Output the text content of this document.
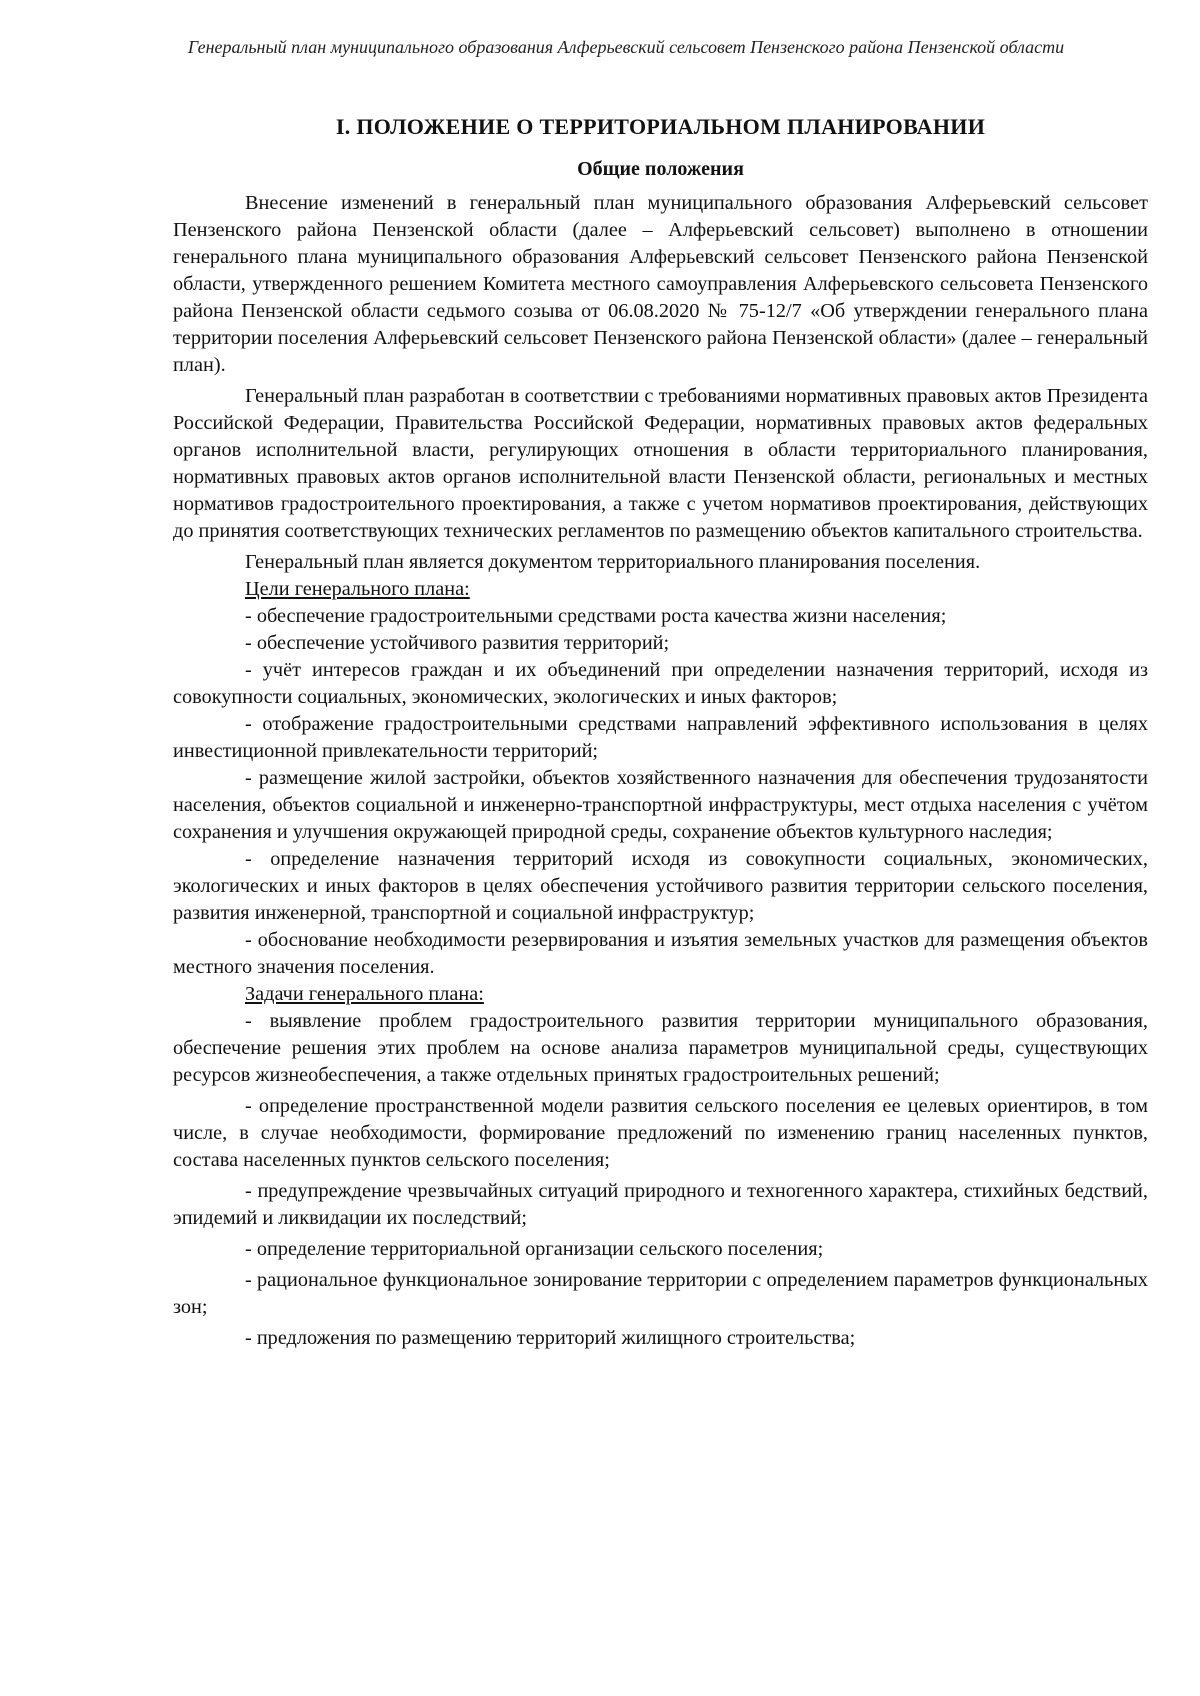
Генеральный план муниципального образования Алферьевский сельсовет Пензенского района Пензенской области
I. ПОЛОЖЕНИЕ О ТЕРРИТОРИАЛЬНОМ ПЛАНИРОВАНИИ
Общие положения

Внесение изменений в генеральный план муниципального образования Алферьевский сельсовет Пензенского района Пензенской области (далее – Алферьевский сельсовет) выполнено в отношении генерального плана муниципального образования Алферьевский сельсовет Пензенского района Пензенской области, утвержденного решением Комитета местного самоуправления Алферьевского сельсовета Пензенского района Пензенской области седьмого созыва от 06.08.2020 № 75-12/7 «Об утверждении генерального плана территории поселения Алферьевский сельсовет Пензенского района Пензенской области» (далее – генеральный план).

Генеральный план разработан в соответствии с требованиями нормативных правовых актов Президента Российской Федерации, Правительства Российской Федерации, нормативных правовых актов федеральных органов исполнительной власти, регулирующих отношения в области территориального планирования, нормативных правовых актов органов исполнительной власти Пензенской области, региональных и местных нормативов градостроительного проектирования, а также с учетом нормативов проектирования, действующих до принятия соответствующих технических регламентов по размещению объектов капитального строительства.

Генеральный план является документом территориального планирования поселения.

Цели генерального плана:

- обеспечение градостроительными средствами роста качества жизни населения;

- обеспечение устойчивого развития территорий;

- учёт интересов граждан и их объединений при определении назначения территорий, исходя из совокупности социальных, экономических, экологических и иных факторов;

- отображение градостроительными средствами направлений эффективного использования в целях инвестиционной привлекательности территорий;

- размещение жилой застройки, объектов хозяйственного назначения для обеспечения трудозанятости населения, объектов социальной и инженерно-транспортной инфраструктуры, мест отдыха населения с учётом сохранения и улучшения окружающей природной среды, сохранение объектов культурного наследия;

- определение назначения территорий исходя из совокупности социальных, экономических, экологических и иных факторов в целях обеспечения устойчивого развития территории сельского поселения, развития инженерной, транспортной и социальной инфраструктур;

- обоснование необходимости резервирования и изъятия земельных участков для размещения объектов местного значения поселения.

Задачи генерального плана:

- выявление проблем градостроительного развития территории муниципального образования, обеспечение решения этих проблем на основе анализа параметров муниципальной среды, существующих ресурсов жизнеобеспечения, а также отдельных принятых градостроительных решений;

- определение пространственной модели развития сельского поселения ее целевых ориентиров, в том числе, в случае необходимости, формирование предложений по изменению границ населенных пунктов, состава населенных пунктов сельского поселения;

- предупреждение чрезвычайных ситуаций природного и техногенного характера, стихийных бедствий, эпидемий и ликвидации их последствий;

- определение территориальной организации сельского поселения;

- рациональное функциональное зонирование территории с определением параметров функциональных зон;

- предложения по размещению территорий жилищного строительства;
